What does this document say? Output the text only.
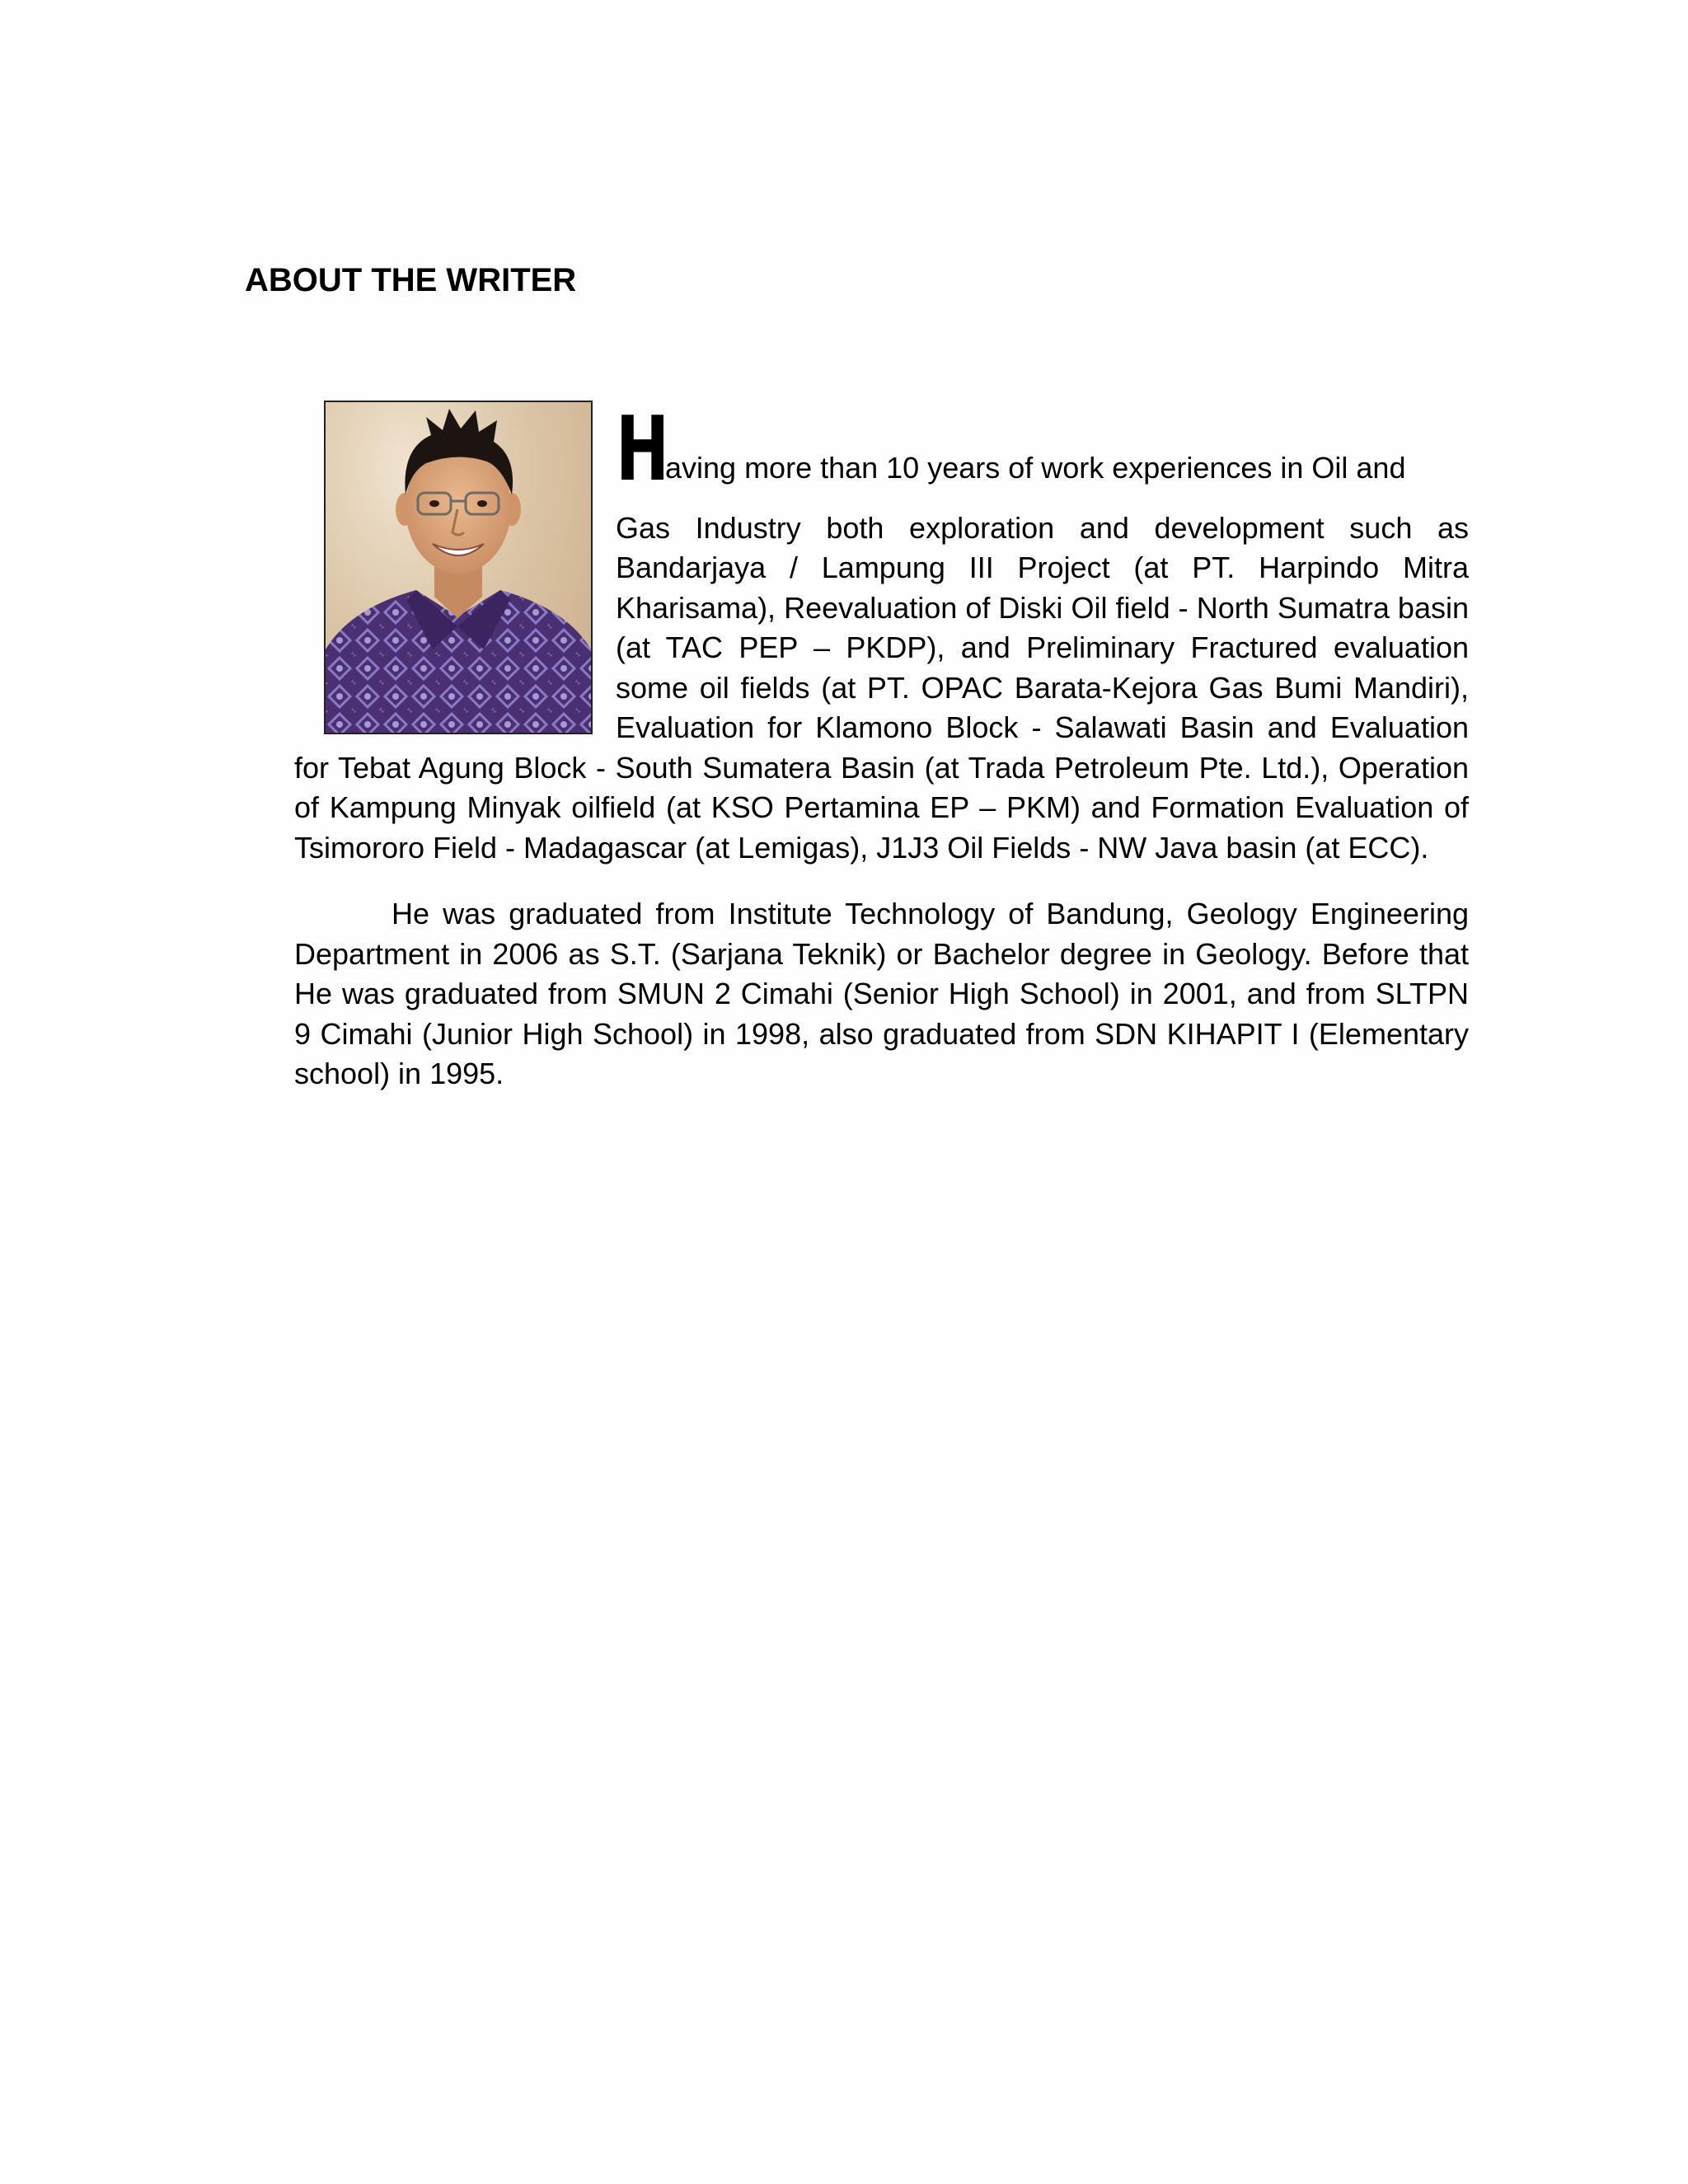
ABOUT THE WRITER

H
aving more than 10 years of work experiences in Oil and
Gas Industry both exploration and development such as Bandarjaya / Lampung III Project (at PT. Harpindo Mitra Kharisama), Reevaluation of Diski Oil field - North Sumatra basin (at TAC PEP – PKDP), and Preliminary Fractured evaluation some oil fields (at PT. OPAC Barata-Kejora Gas Bumi Mandiri), Evaluation for Klamono Block - Salawati Basin and Evaluation for Tebat Agung Block - South Sumatera Basin (at Trada Petroleum Pte. Ltd.), Operation of Kampung Minyak oilfield (at KSO Pertamina EP – PKM) and Formation Evaluation of Tsimororo Field - Madagascar (at Lemigas), J1J3 Oil Fields - NW Java basin (at ECC).

He was graduated from Institute Technology of Bandung, Geology Engineering Department in 2006 as S.T. (Sarjana Teknik) or Bachelor degree in Geology. Before that He was graduated from SMUN 2 Cimahi (Senior High School) in 2001, and from SLTPN 9 Cimahi (Junior High School) in 1998, also graduated from SDN KIHAPIT I (Elementary school) in 1995.
